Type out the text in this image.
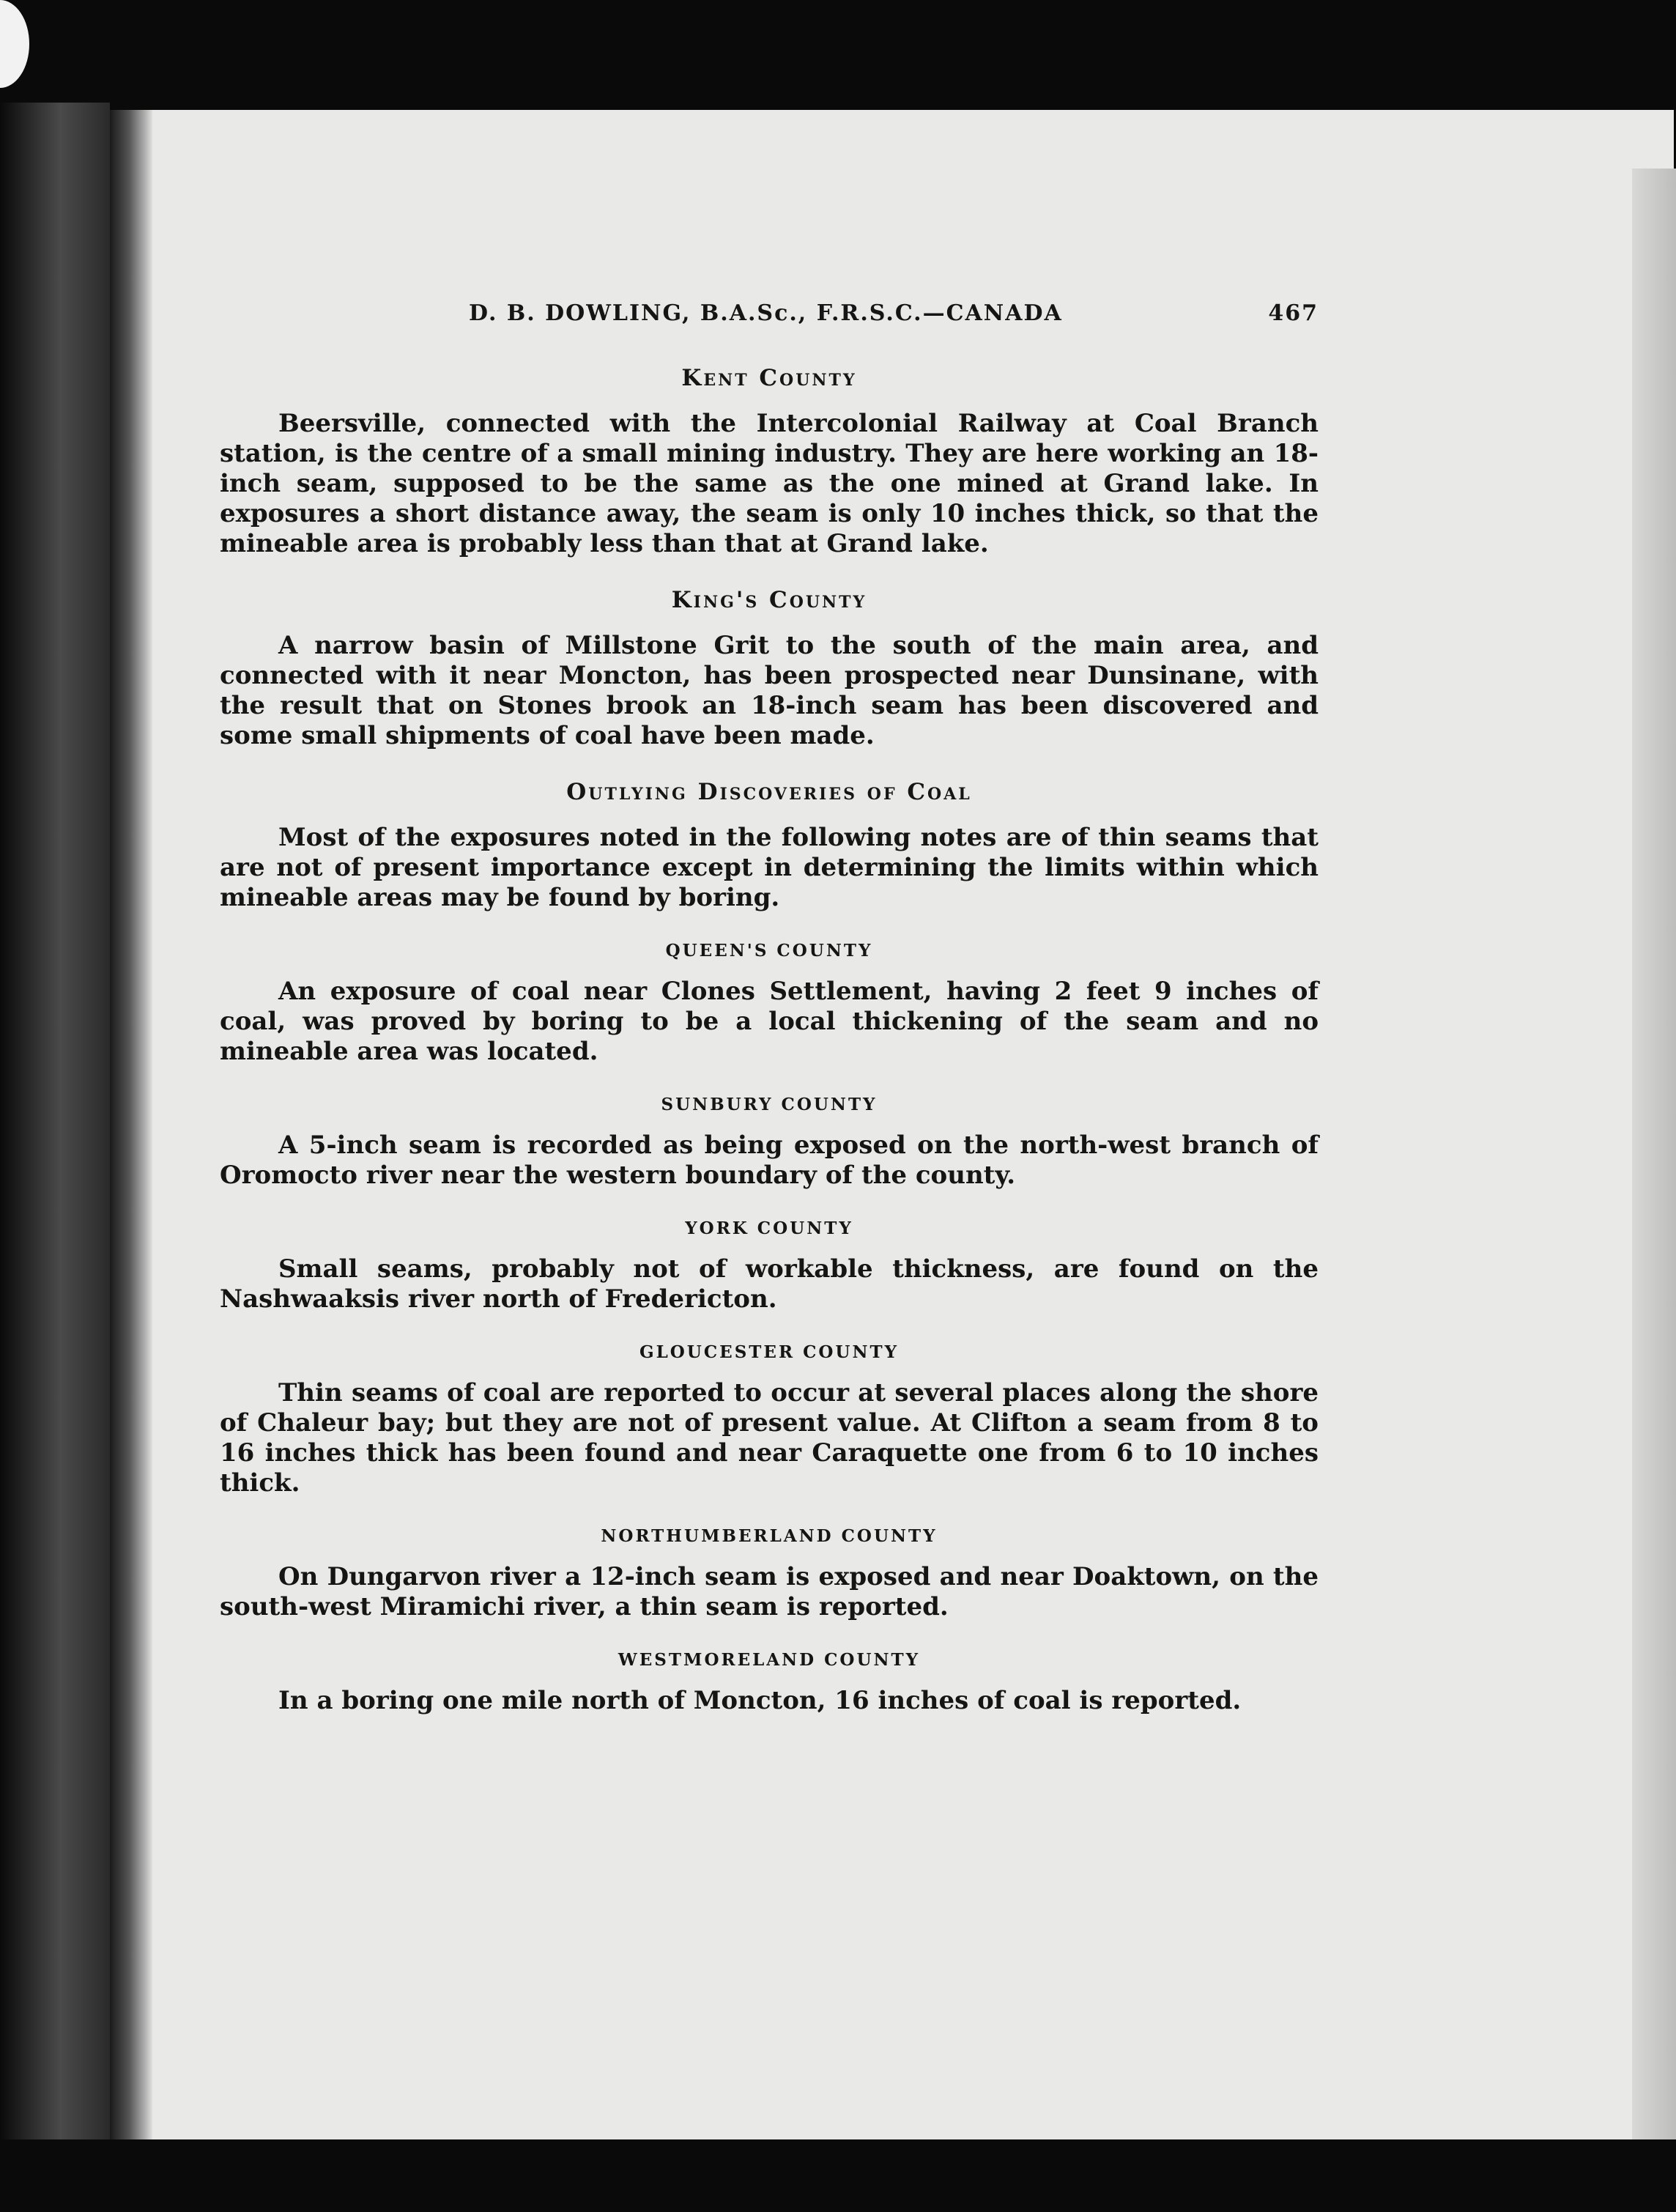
D. B. DOWLING, B.A.Sc., F.R.S.C.—CANADA	467
Kent County

Beersville, connected with the Intercolonial Railway at Coal Branch station, is the centre of a small mining industry. They are here working an 18-inch seam, supposed to be the same as the one mined at Grand lake. In exposures a short distance away, the seam is only 10 inches thick, so that the mineable area is probably less than that at Grand lake.

King's County

A narrow basin of Millstone Grit to the south of the main area, and connected with it near Moncton, has been prospected near Dunsinane, with the result that on Stones brook an 18-inch seam has been discovered and some small shipments of coal have been made.

Outlying Discoveries of Coal

Most of the exposures noted in the following notes are of thin seams that are not of present importance except in determining the limits within which mineable areas may be found by boring.

QUEEN'S COUNTY

An exposure of coal near Clones Settlement, having 2 feet 9 inches of coal, was proved by boring to be a local thickening of the seam and no mineable area was located.

SUNBURY COUNTY

A 5-inch seam is recorded as being exposed on the north-west branch of Oromocto river near the western boundary of the county.

YORK COUNTY

Small seams, probably not of workable thickness, are found on the Nashwaaksis river north of Fredericton.

GLOUCESTER COUNTY

Thin seams of coal are reported to occur at several places along the shore of Chaleur bay; but they are not of present value. At Clifton a seam from 8 to 16 inches thick has been found and near Caraquette one from 6 to 10 inches thick.

NORTHUMBERLAND COUNTY

On Dungarvon river a 12-inch seam is exposed and near Doaktown, on the south-west Miramichi river, a thin seam is reported.

WESTMORELAND COUNTY

In a boring one mile north of Moncton, 16 inches of coal is reported.
